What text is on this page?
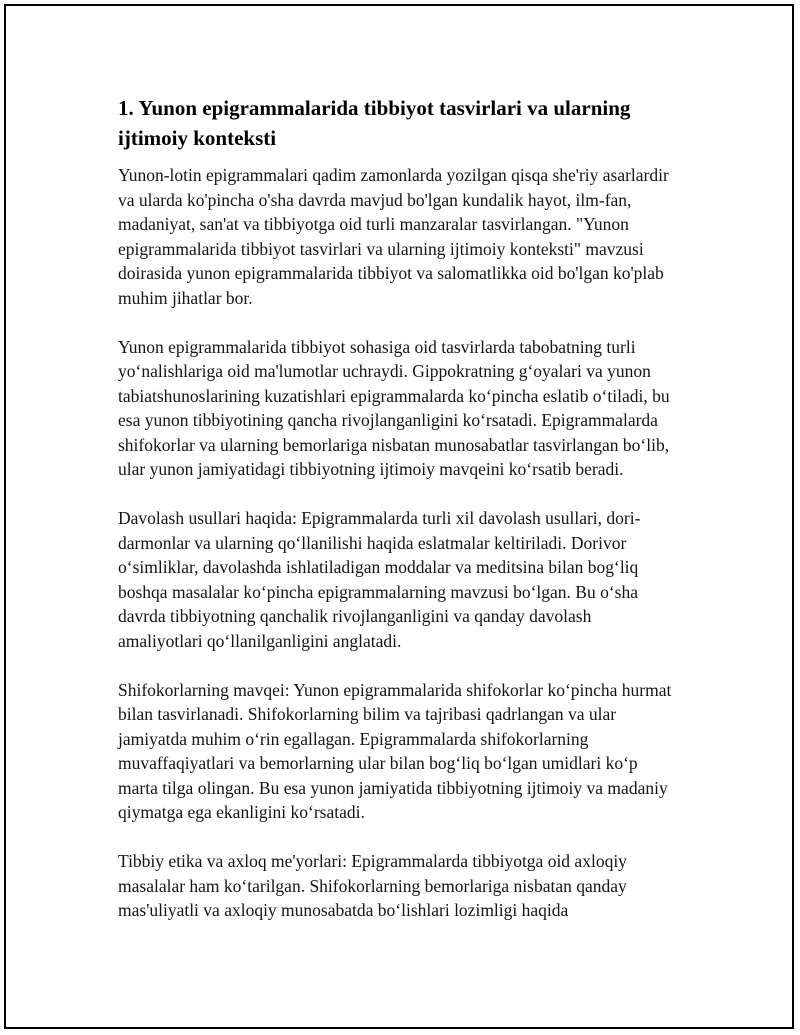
1. Yunon epigrammalarida tibbiyot tasvirlari va ularning ijtimoiy konteksti

Yunon-lotin epigrammalari qadim zamonlarda yozilgan qisqa she'riy asarlardir va ularda ko'pincha o'sha davrda mavjud bo'lgan kundalik hayot, ilm-fan, madaniyat, san'at va tibbiyotga oid turli manzaralar tasvirlangan. "Yunon epigrammalarida tibbiyot tasvirlari va ularning ijtimoiy konteksti" mavzusi doirasida yunon epigrammalarida tibbiyot va salomatlikka oid bo'lgan ko'plab muhim jihatlar bor.

Yunon epigrammalarida tibbiyot sohasiga oid tasvirlarda tabobatning turli yo‘nalishlariga oid ma'lumotlar uchraydi. Gippokratning g‘oyalari va yunon tabiatshunoslarining kuzatishlari epigrammalarda ko‘pincha eslatib o‘tiladi, bu esa yunon tibbiyotining qancha rivojlanganligini ko‘rsatadi. Epigrammalarda shifokorlar va ularning bemorlariga nisbatan munosabatlar tasvirlangan bo‘lib, ular yunon jamiyatidagi tibbiyotning ijtimoiy mavqeini ko‘rsatib beradi.

Davolash usullari haqida: Epigrammalarda turli xil davolash usullari, dori-darmonlar va ularning qo‘llanilishi haqida eslatmalar keltiriladi. Dorivor o‘simliklar, davolashda ishlatiladigan moddalar va meditsina bilan bog‘liq boshqa masalalar ko‘pincha epigrammalarning mavzusi bo‘lgan. Bu o‘sha davrda tibbiyotning qanchalik rivojlanganligini va qanday davolash amaliyotlari qo‘llanilganligini anglatadi.

Shifokorlarning mavqei: Yunon epigrammalarida shifokorlar ko‘pincha hurmat bilan tasvirlanadi. Shifokorlarning bilim va tajribasi qadrlangan va ular jamiyatda muhim o‘rin egallagan. Epigrammalarda shifokorlarning muvaffaqiyatlari va bemorlarning ular bilan bog‘liq bo‘lgan umidlari ko‘p marta tilga olingan. Bu esa yunon jamiyatida tibbiyotning ijtimoiy va madaniy qiymatga ega ekanligini ko‘rsatadi.

Tibbiy etika va axloq me'yorlari: Epigrammalarda tibbiyotga oid axloqiy masalalar ham ko‘tarilgan. Shifokorlarning bemorlariga nisbatan qanday mas'uliyatli va axloqiy munosabatda bo‘lishlari lozimligi haqida
